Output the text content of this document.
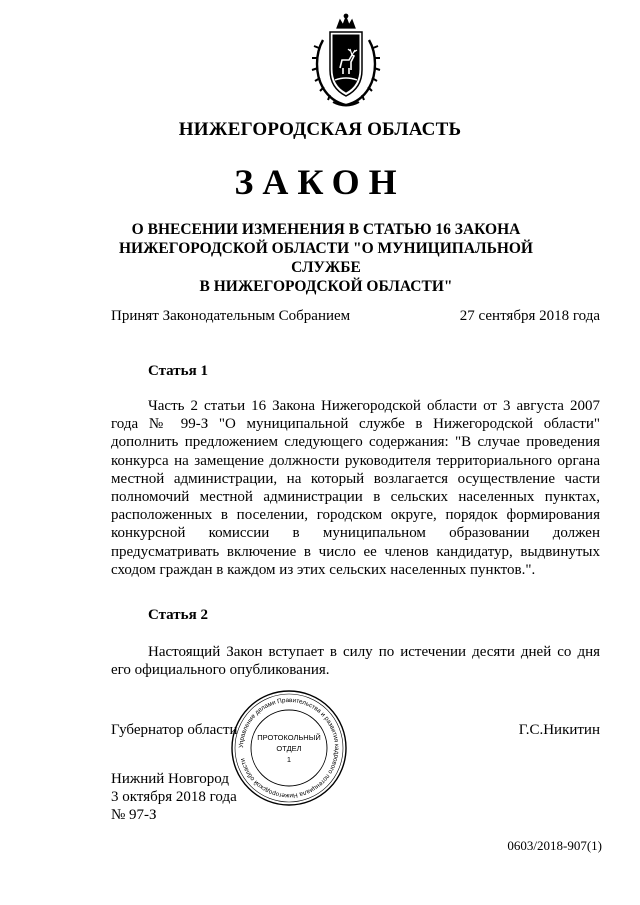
НИЖЕГОРОДСКАЯ ОБЛАСТЬ
ЗАКОН
О ВНЕСЕНИИ ИЗМЕНЕНИЯ В СТАТЬЮ 16 ЗАКОНА
НИЖЕГОРОДСКОЙ ОБЛАСТИ "О МУНИЦИПАЛЬНОЙ СЛУЖБЕ
В НИЖЕГОРОДСКОЙ ОБЛАСТИ"
Принят Законодательным Собранием	27 сентября 2018 года
Статья 1

Часть 2 статьи 16 Закона Нижегородской области от 3 августа 2007 года № 99-З "О муниципальной службе в Нижегородской области" дополнить предложением следующего содержания: "В случае проведения конкурса на замещение должности руководителя территориального органа местной администрации, на который возлагается осуществление части полномочий местной администрации в сельских населенных пунктах, расположенных в поселении, городском округе, порядок формирования конкурсной комиссии в муниципальном образовании должен предусматривать включение в число ее членов кандидатур, выдвинутых сходом граждан в каждом из этих сельских населенных пунктов.".

Статья 2

Настоящий Закон вступает в силу по истечении десяти дней со дня его официального опубликования.

Губернатор области	Г.С.Никитин
Управление делами Правительства и развития кадрового потенциала Нижегородской области
ПРОТОКОЛЬНЫЙ
ОТДЕЛ
1
Нижний Новгород
3 октября 2018 года
№ 97-З
0603/2018-907(1)
